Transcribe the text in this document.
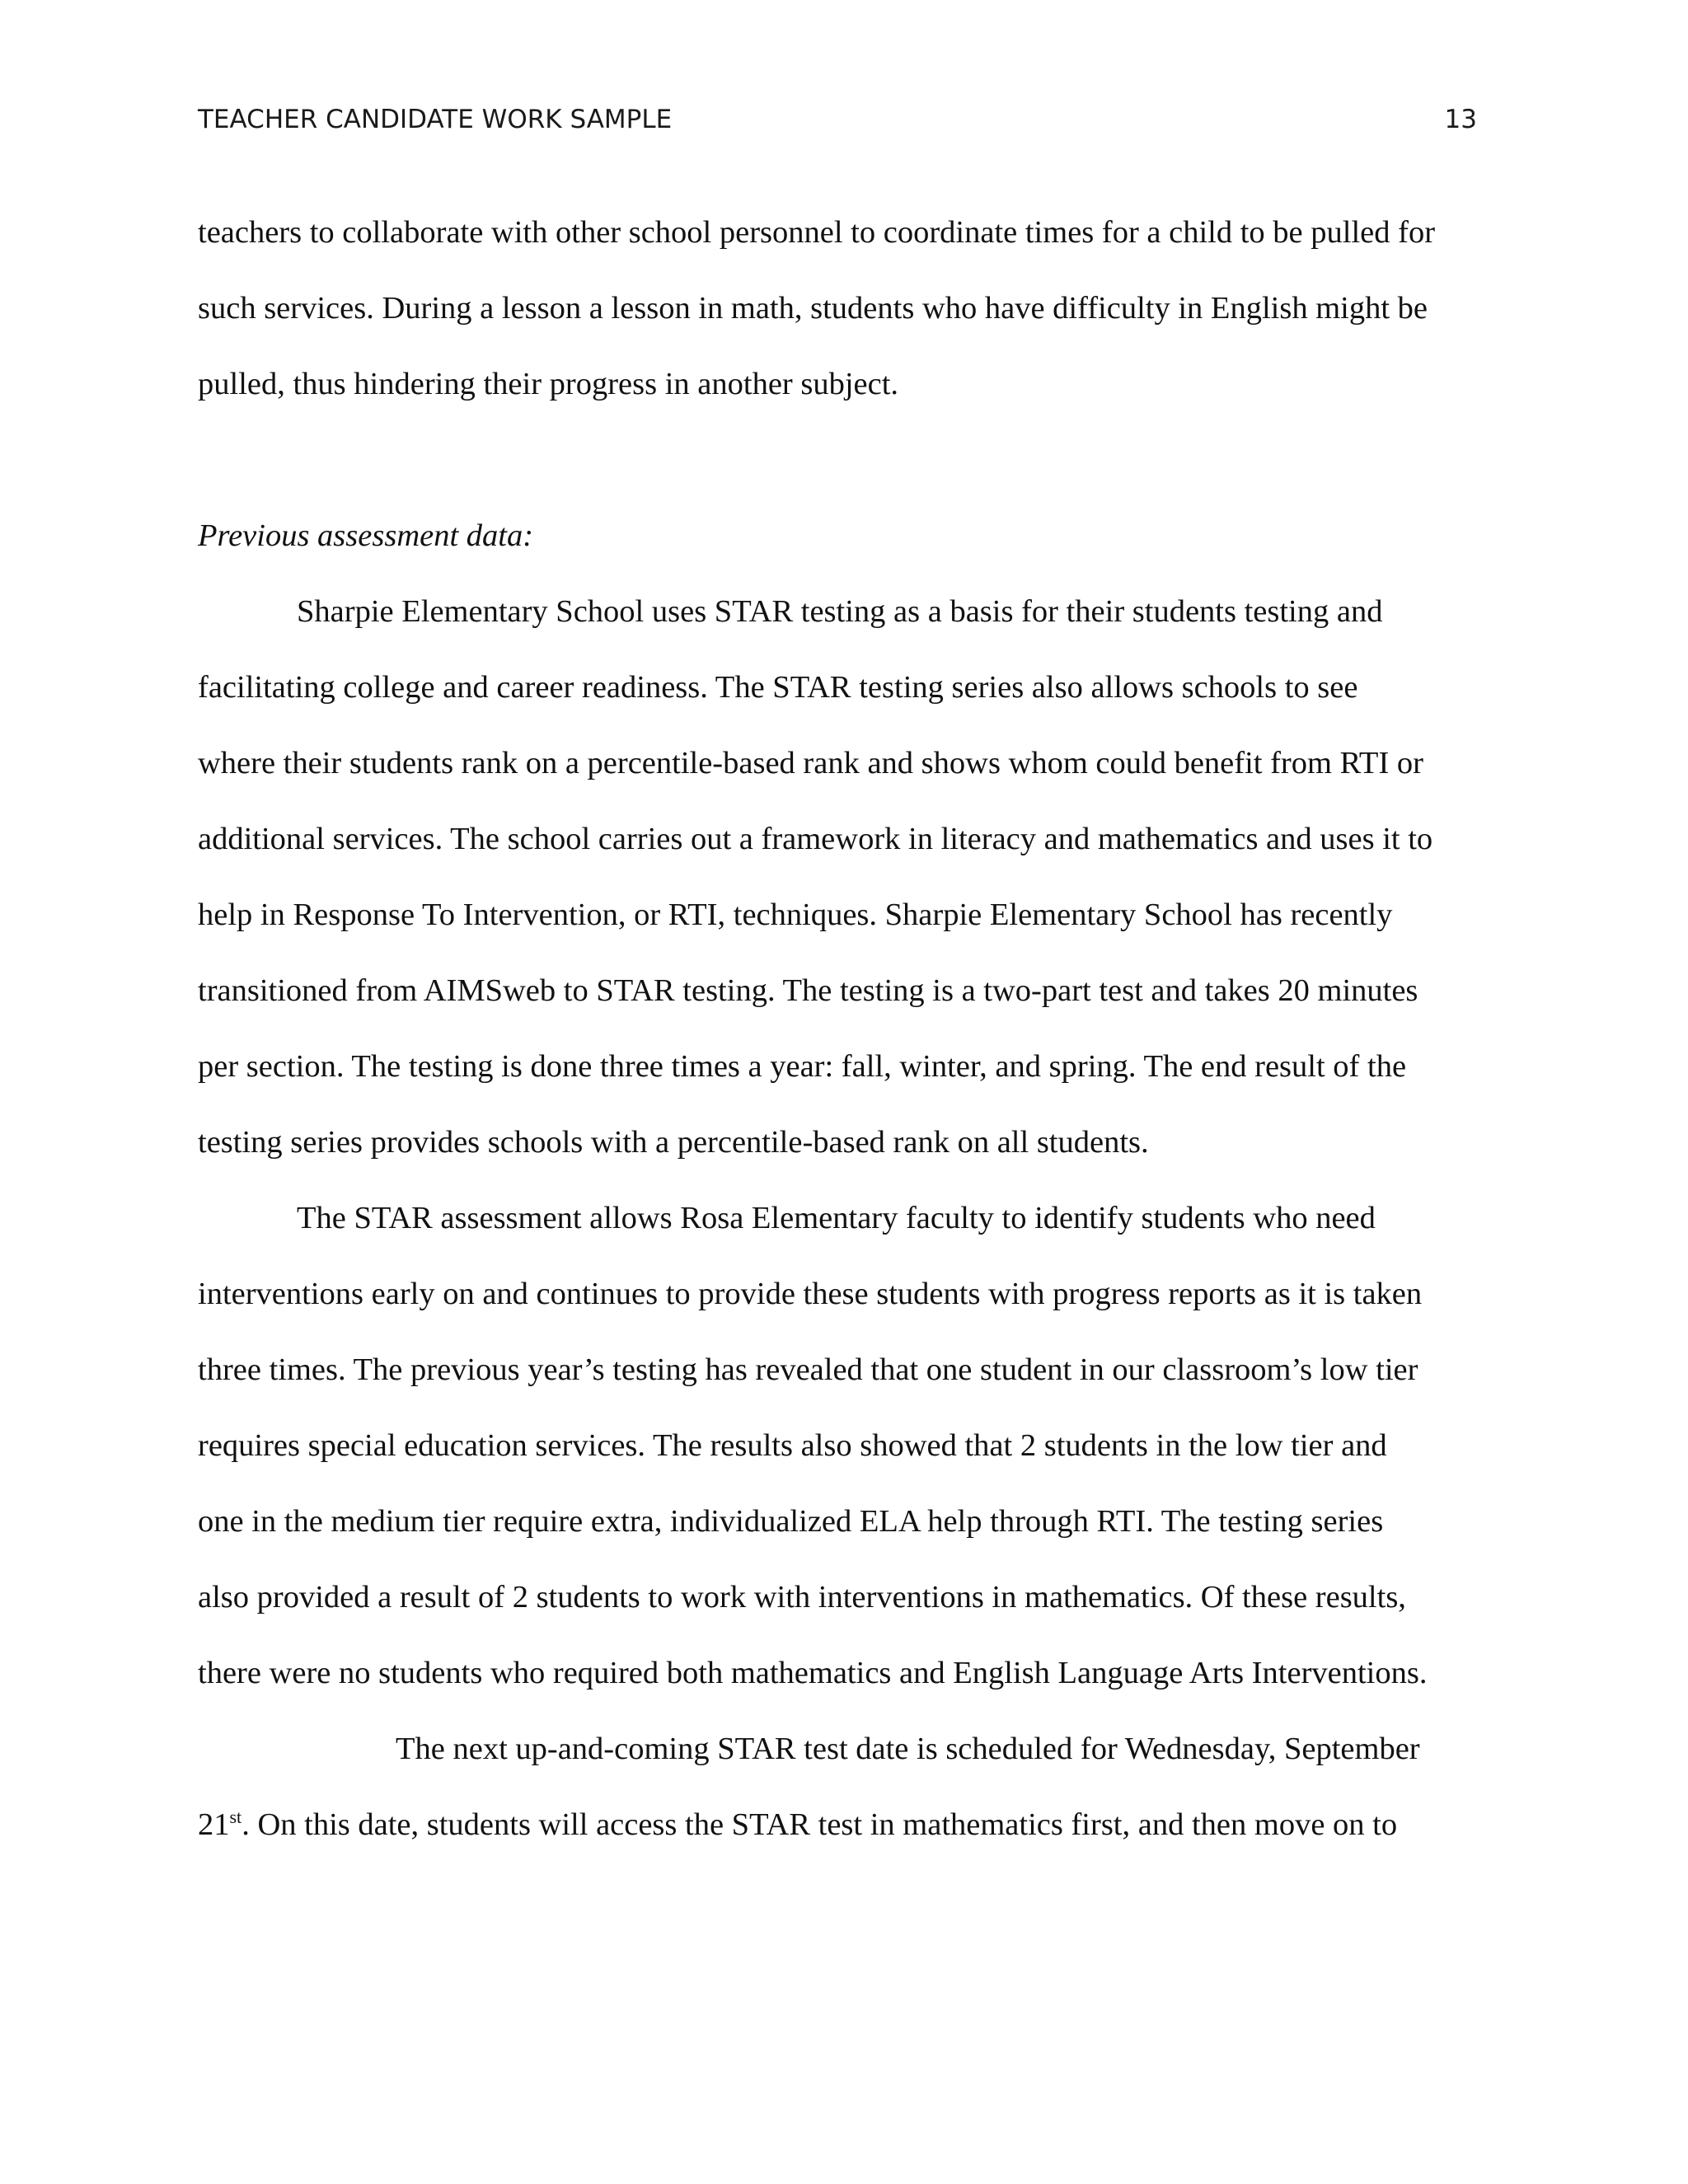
TEACHER CANDIDATE WORK SAMPLE	13

teachers to collaborate with other school personnel to coordinate times for a child to be pulled for
such services. During a lesson a lesson in math, students who have difficulty in English might be
pulled, thus hindering their progress in another subject.

Previous assessment data:

Sharpie Elementary School uses STAR testing as a basis for their students testing and
facilitating college and career readiness. The STAR testing series also allows schools to see
where their students rank on a percentile-based rank and shows whom could benefit from RTI or
additional services. The school carries out a framework in literacy and mathematics and uses it to
help in Response To Intervention, or RTI, techniques. Sharpie Elementary School has recently
transitioned from AIMSweb to STAR testing. The testing is a two-part test and takes 20 minutes
per section. The testing is done three times a year: fall, winter, and spring. The end result of the
testing series provides schools with a percentile-based rank on all students.

The STAR assessment allows Rosa Elementary faculty to identify students who need
interventions early on and continues to provide these students with progress reports as it is taken
three times. The previous year’s testing has revealed that one student in our classroom’s low tier
requires special education services. The results also showed that 2 students in the low tier and
one in the medium tier require extra, individualized ELA help through RTI. The testing series
also provided a result of 2 students to work with interventions in mathematics. Of these results,
there were no students who required both mathematics and English Language Arts Interventions.

The next up-and-coming STAR test date is scheduled for Wednesday, September
21st. On this date, students will access the STAR test in mathematics first, and then move on to
